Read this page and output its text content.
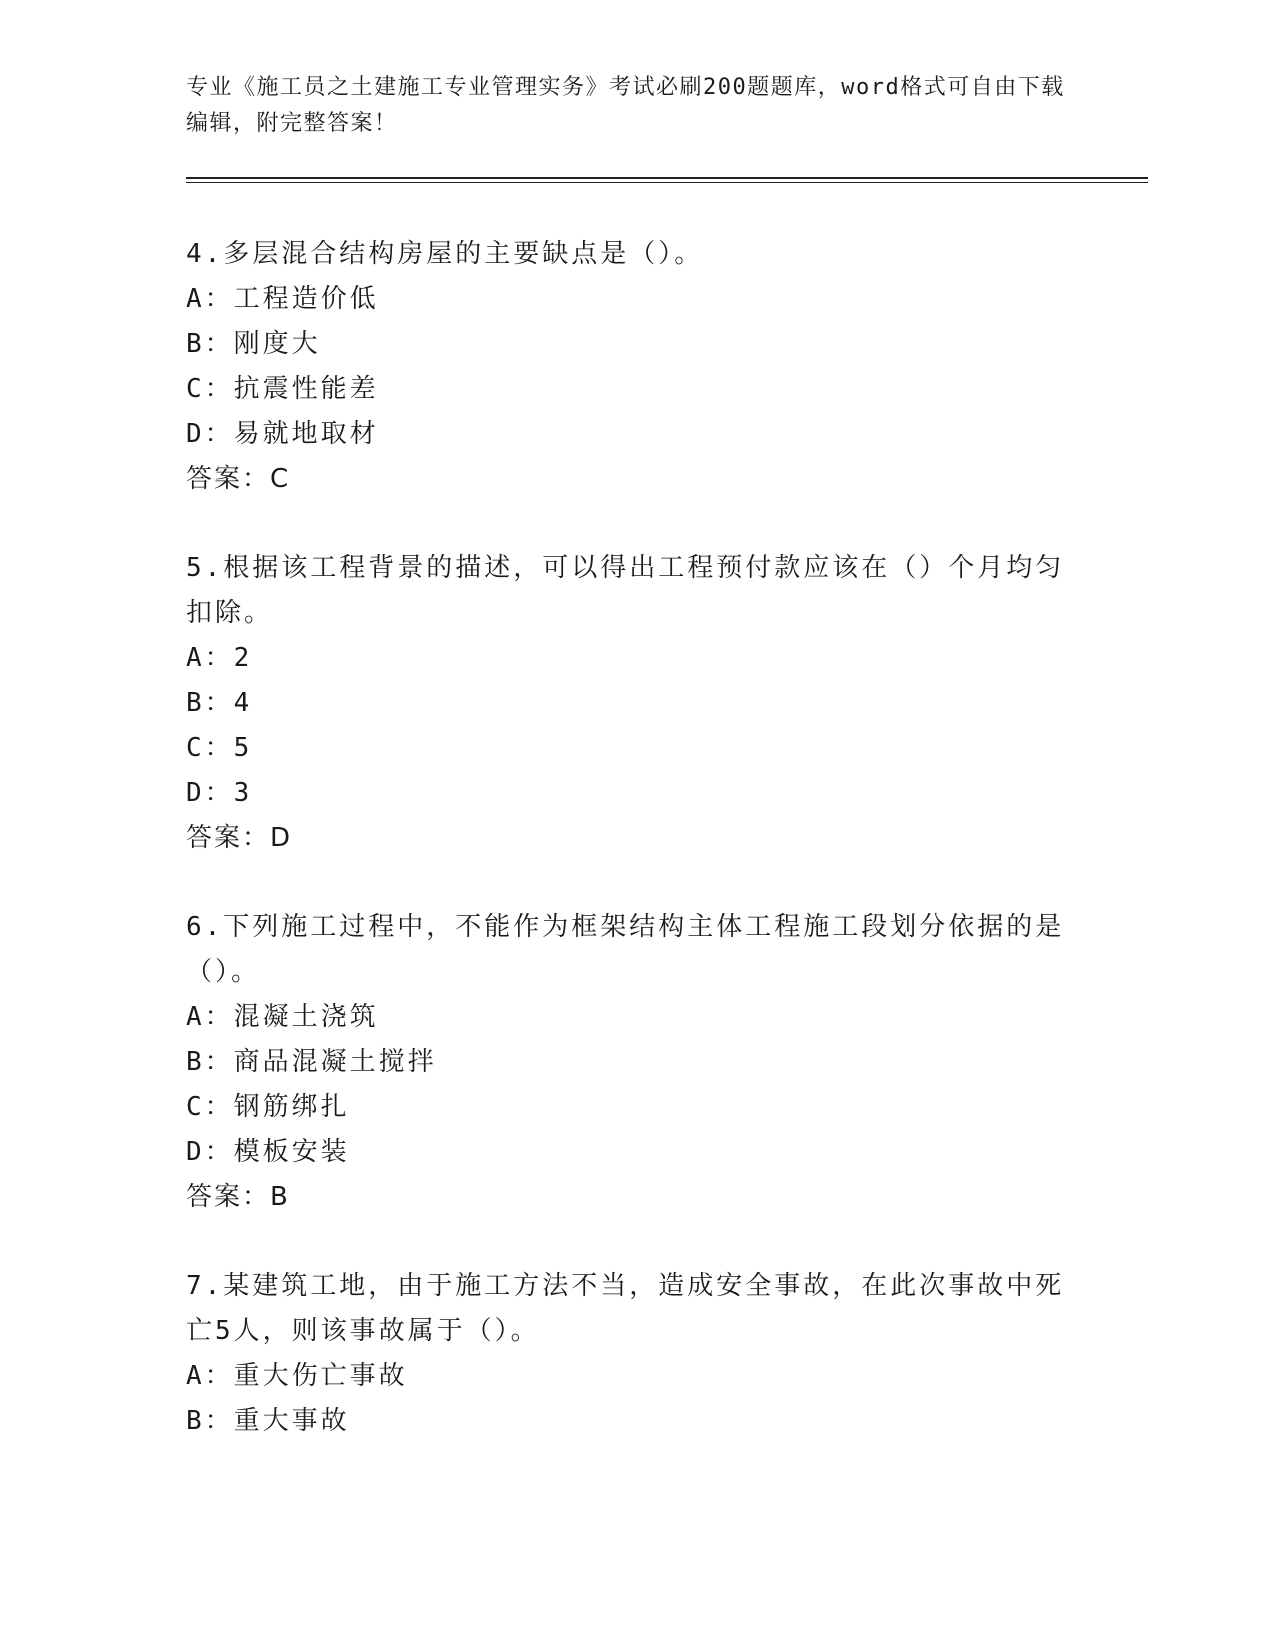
专业《施工员之土建施工专业管理实务》考试必刷200题题库，word格式可自由下载编辑，附完整答案！
4.多层混合结构房屋的主要缺点是（）。
A：工程造价低
B：刚度大
C：抗震性能差
D：易就地取材
答案：C
5.根据该工程背景的描述，可以得出工程预付款应该在（）个月均匀扣除。
A：2
B：4
C：5
D：3
答案：D
6.下列施工过程中，不能作为框架结构主体工程施工段划分依据的是（）。
A：混凝土浇筑
B：商品混凝土搅拌
C：钢筋绑扎
D：模板安装
答案：B
7.某建筑工地，由于施工方法不当，造成安全事故，在此次事故中死亡5人，则该事故属于（）。
A：重大伤亡事故
B：重大事故
